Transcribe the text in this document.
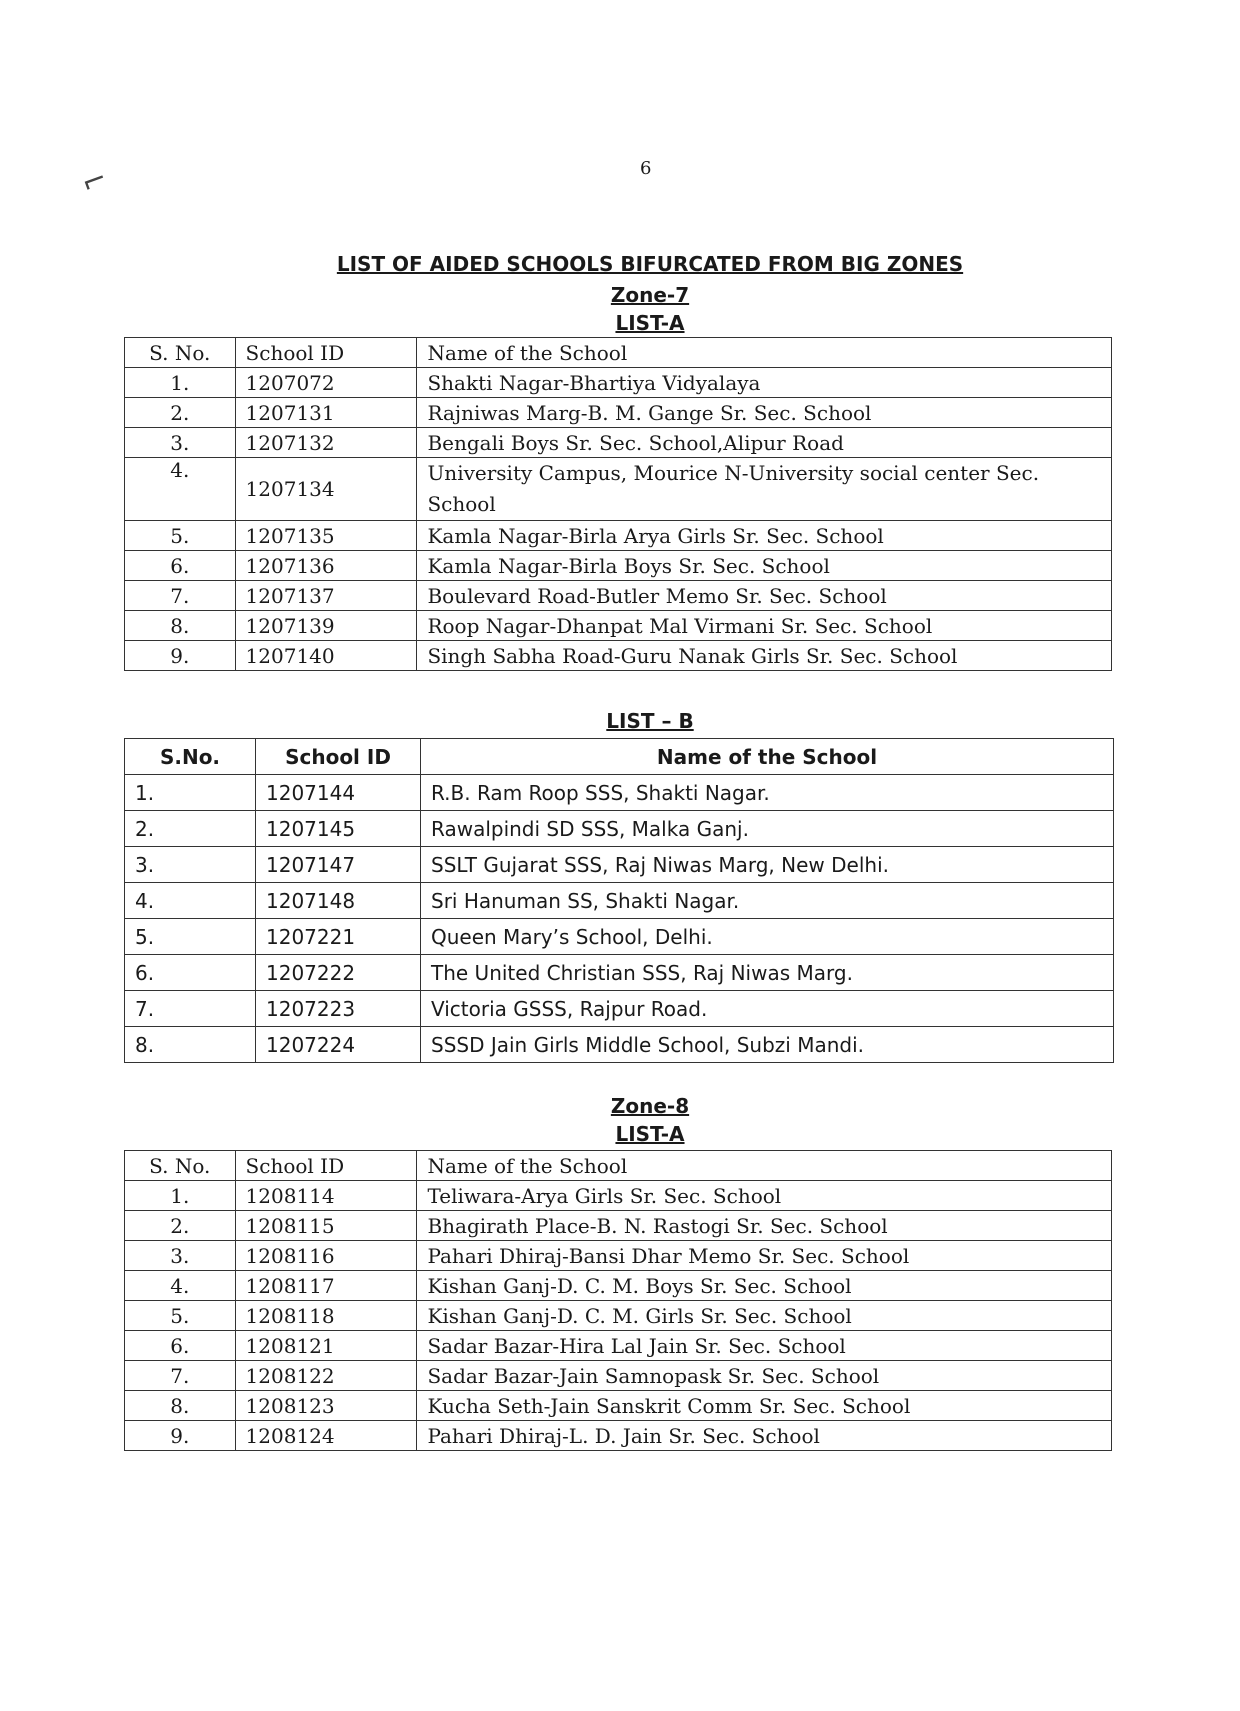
⌐	6
LIST OF AIDED SCHOOLS BIFURCATED FROM BIG ZONES
Zone-7
LIST-A
S. No.	School ID	Name of the School
1.	1207072	Shakti Nagar-Bhartiya Vidyalaya
2.	1207131	Rajniwas Marg-B. M. Gange Sr. Sec. School
3.	1207132	Bengali Boys Sr. Sec. School,Alipur Road
4.	1207134	University Campus, Mourice N-University social center Sec. School
5.	1207135	Kamla Nagar-Birla Arya Girls Sr. Sec. School
6.	1207136	Kamla Nagar-Birla Boys Sr. Sec. School
7.	1207137	Boulevard Road-Butler Memo Sr. Sec. School
8.	1207139	Roop Nagar-Dhanpat Mal Virmani Sr. Sec. School
9.	1207140	Singh Sabha Road-Guru Nanak Girls Sr. Sec. School
LIST – B
S.No.	School ID	Name of the School
1.	1207144	R.B. Ram Roop SSS, Shakti Nagar.
2.	1207145	Rawalpindi SD SSS, Malka Ganj.
3.	1207147	SSLT Gujarat SSS, Raj Niwas Marg, New Delhi.
4.	1207148	Sri Hanuman SS, Shakti Nagar.
5.	1207221	Queen Mary’s School, Delhi.
6.	1207222	The United Christian SSS, Raj Niwas Marg.
7.	1207223	Victoria GSSS, Rajpur Road.
8.	1207224	SSSD Jain Girls Middle School, Subzi Mandi.
Zone-8
LIST-A
S. No.	School ID	Name of the School
1.	1208114	Teliwara-Arya Girls Sr. Sec. School
2.	1208115	Bhagirath Place-B. N. Rastogi Sr. Sec. School
3.	1208116	Pahari Dhiraj-Bansi Dhar Memo Sr. Sec. School
4.	1208117	Kishan Ganj-D. C. M. Boys Sr. Sec. School
5.	1208118	Kishan Ganj-D. C. M. Girls Sr. Sec. School
6.	1208121	Sadar Bazar-Hira Lal Jain Sr. Sec. School
7.	1208122	Sadar Bazar-Jain Samnopask Sr. Sec. School
8.	1208123	Kucha Seth-Jain Sanskrit Comm Sr. Sec. School
9.	1208124	Pahari Dhiraj-L. D. Jain Sr. Sec. School
